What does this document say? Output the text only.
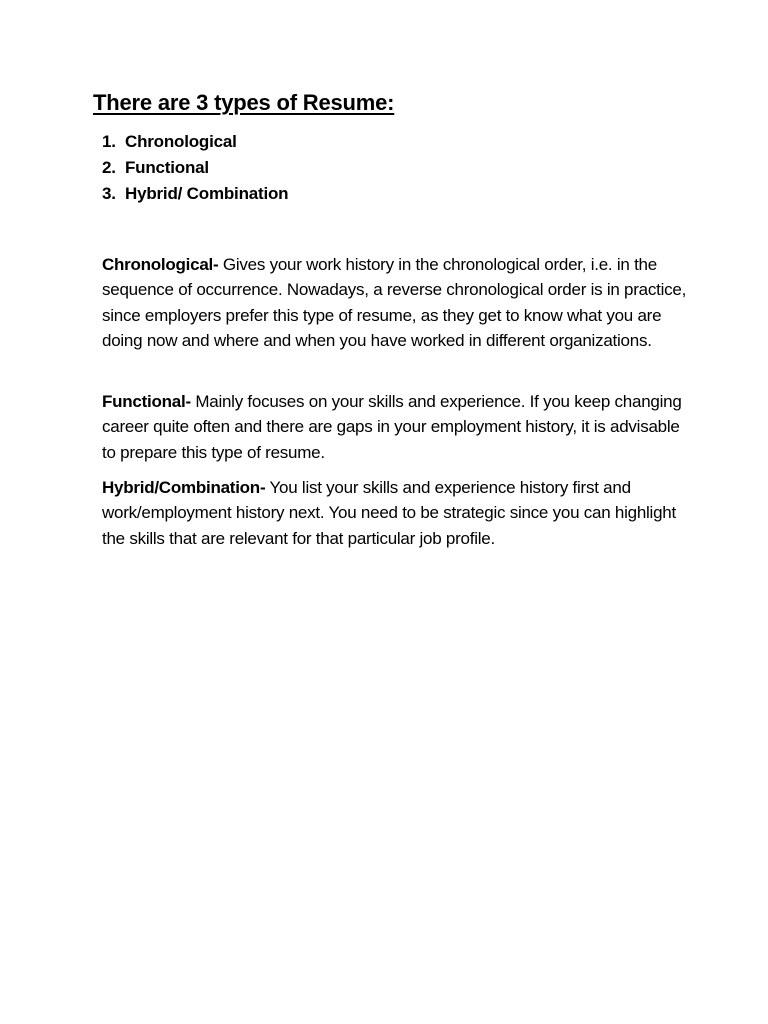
There are 3 types of Resume:
1. Chronological
2. Functional
3. Hybrid/ Combination

Chronological- Gives your work history in the chronological order, i.e. in the sequence of occurrence. Nowadays, a reverse chronological order is in practice, since employers prefer this type of resume, as they get to know what you are doing now and where and when you have worked in different organizations.

Functional- Mainly focuses on your skills and experience. If you keep changing career quite often and there are gaps in your employment history, it is advisable to prepare this type of resume.

Hybrid/Combination- You list your skills and experience history first and work/employment history next. You need to be strategic since you can highlight the skills that are relevant for that particular job profile.
